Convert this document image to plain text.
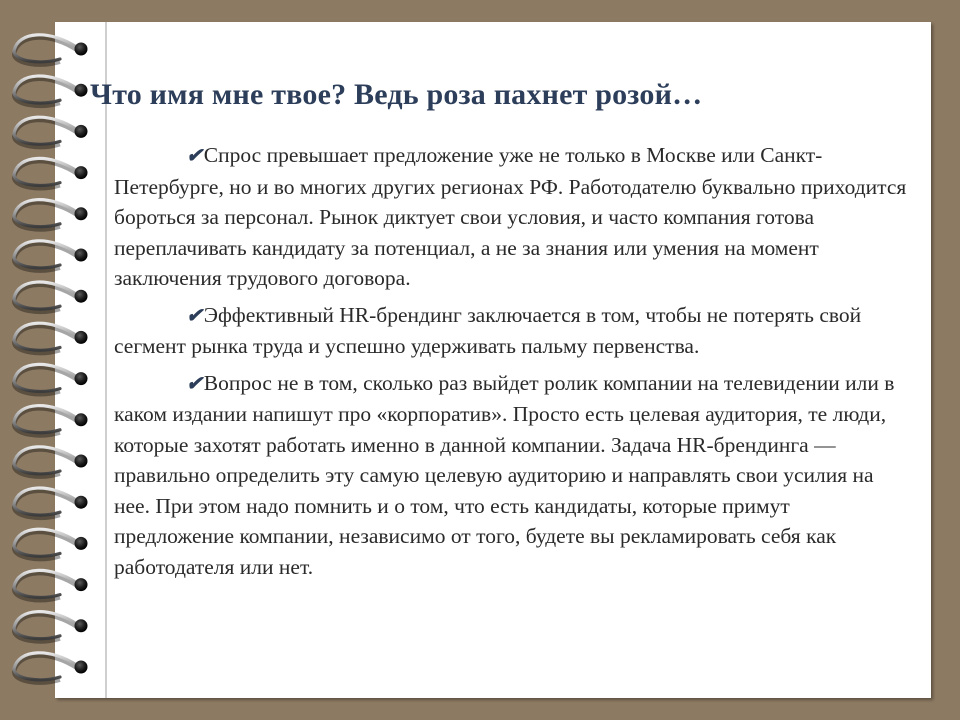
Что имя мне твое? Ведь роза пахнет розой…

✔Спрос превышает предложение уже не только в Москве или Санкт-Петербурге, но и во многих других регионах РФ. Работодателю буквально приходится бороться за персонал. Рынок диктует свои условия, и часто компания готова переплачивать кандидату за потенциал, а не за знания или умения на момент заключения трудового договора.

✔Эффективный HR-брендинг заключается в том, чтобы не потерять свой сегмент рынка труда и успешно удерживать пальму первенства.

✔Вопрос не в том, сколько раз выйдет ролик компании на телевидении или в каком издании напишут про «корпоратив». Просто есть целевая аудитория, те люди, которые захотят работать именно в данной компании. Задача HR-брендинга — правильно определить эту самую целевую аудиторию и направлять свои усилия на нее. При этом надо помнить и о том, что есть кандидаты, которые примут предложение компании, независимо от того, будете вы рекламировать себя как работодателя или нет.
